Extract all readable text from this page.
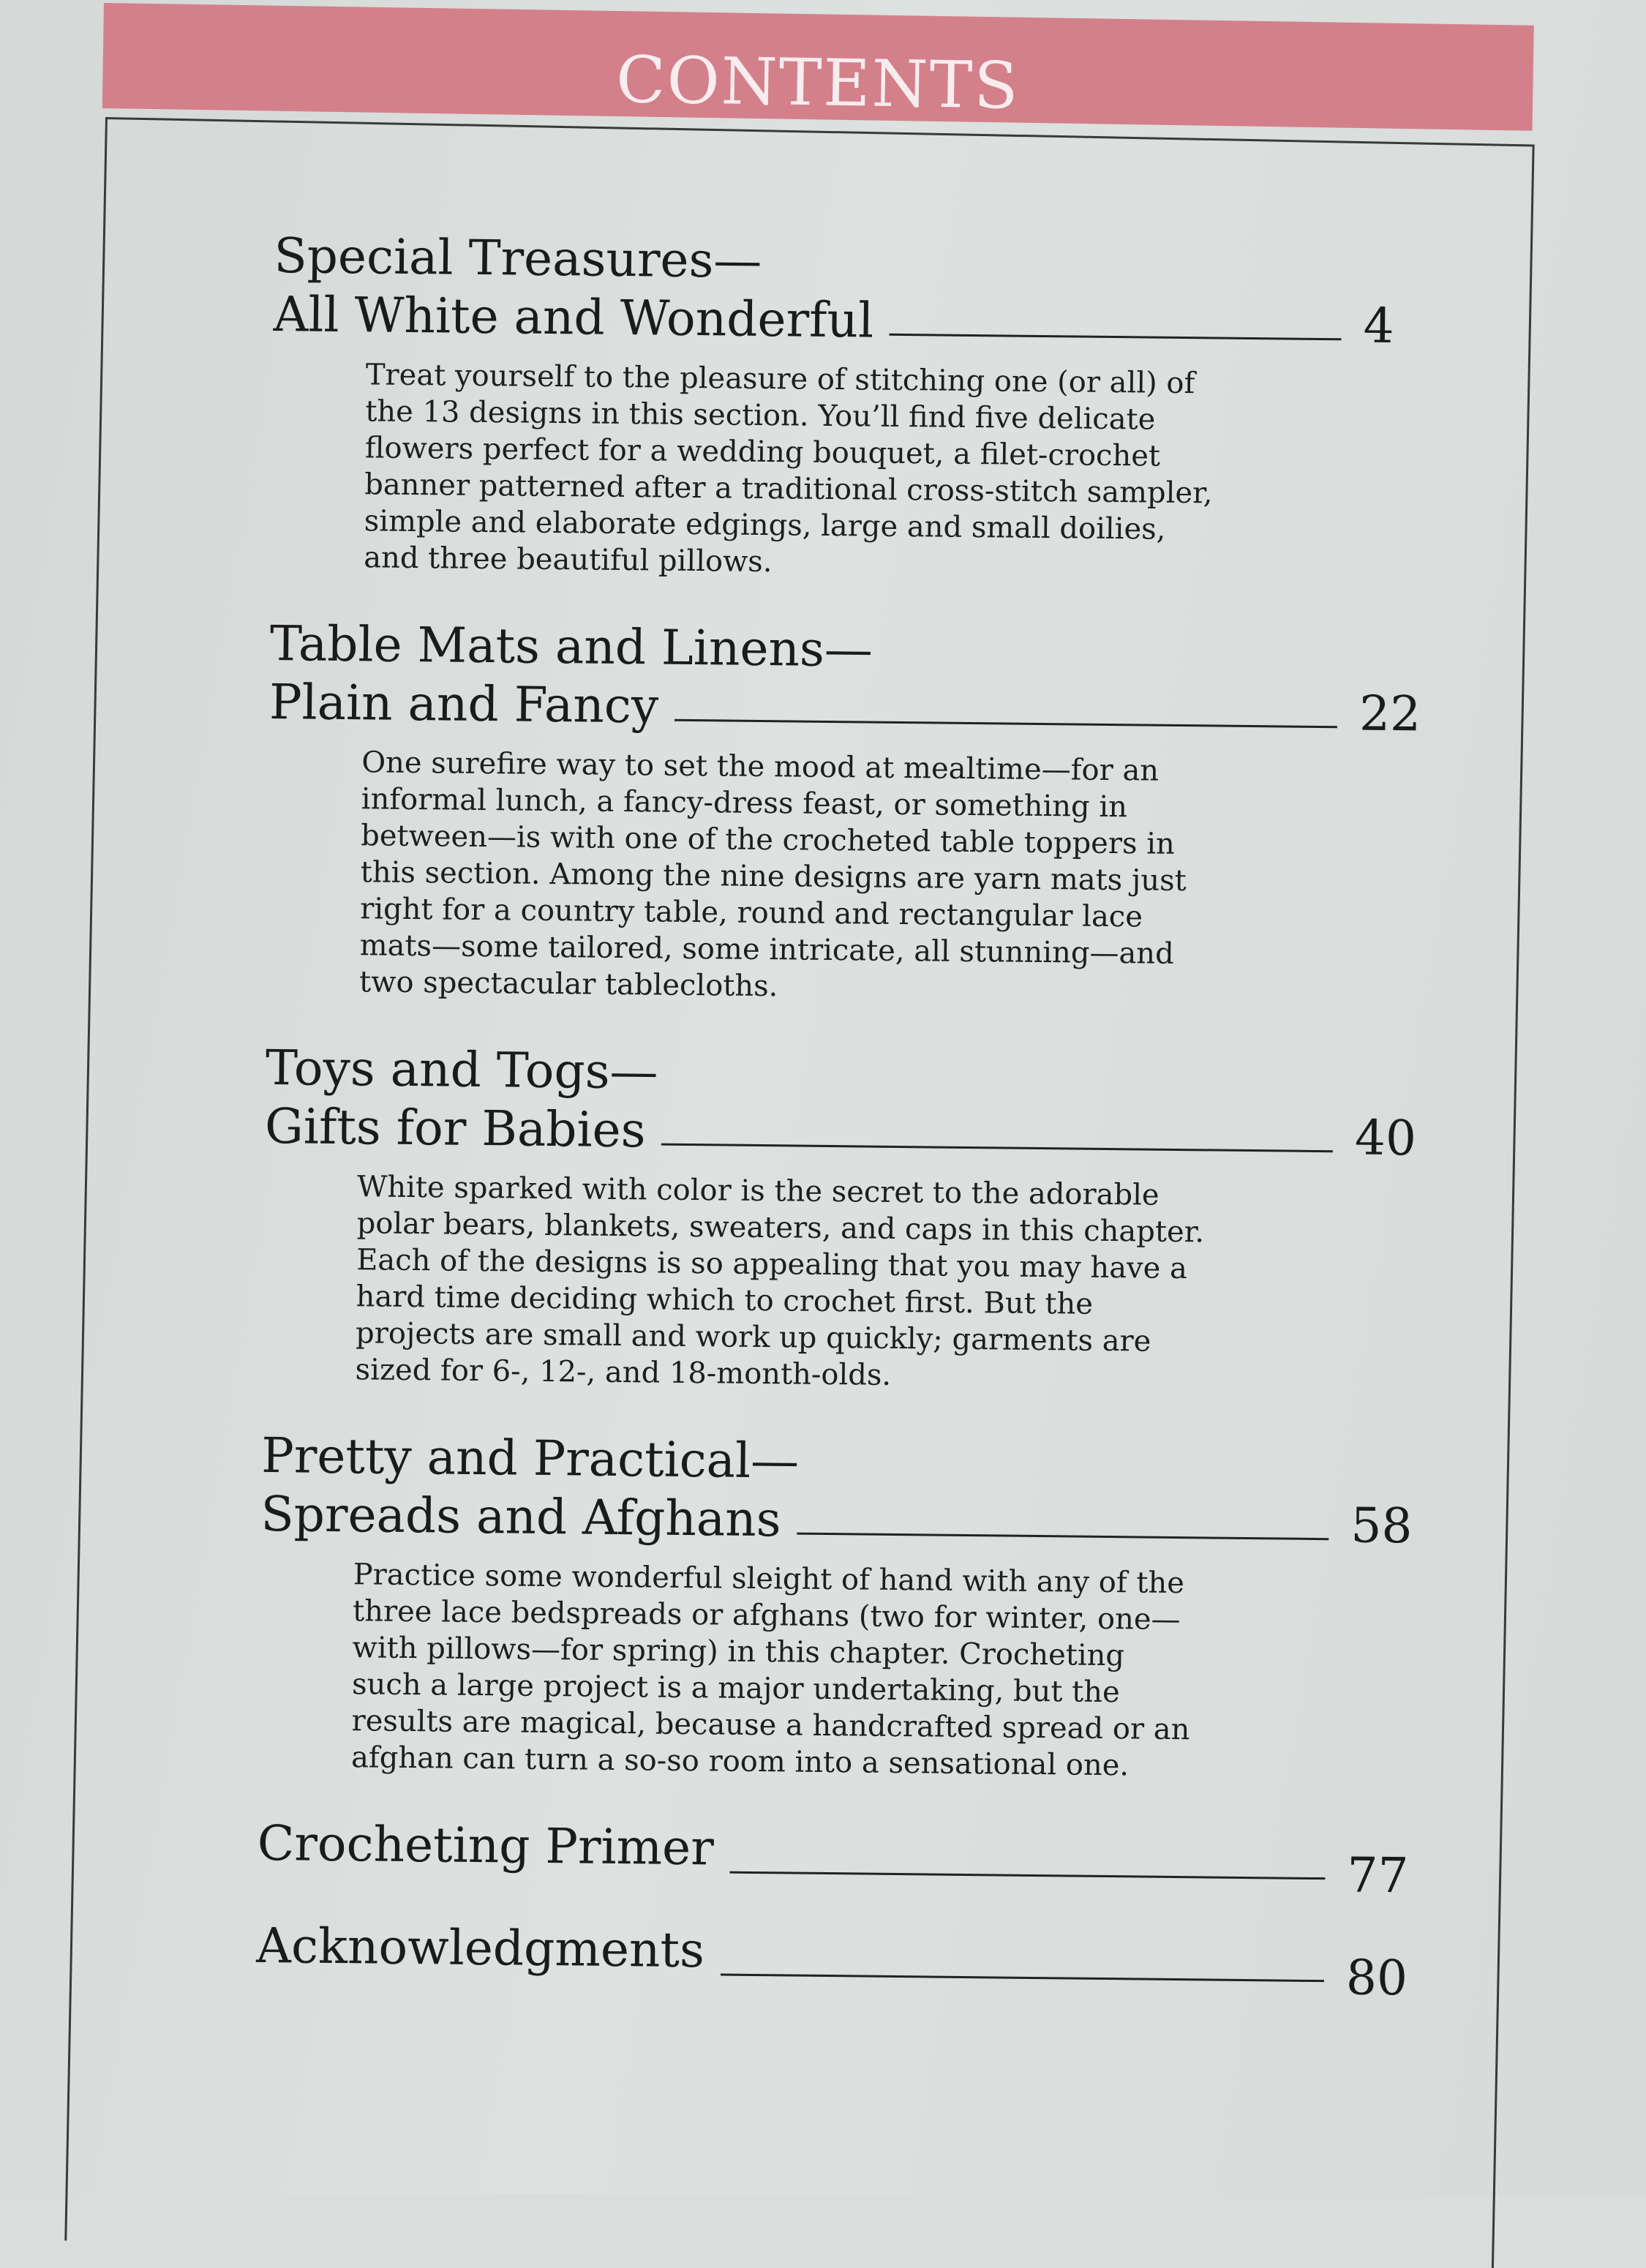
CONTENTS
Special Treasures—
All White and Wonderful	4
Treat yourself to the pleasure of stitching one (or all) of the 13 designs in this section. You’ll find five delicate flowers perfect for a wedding bouquet, a filet-crochet banner patterned after a traditional cross-stitch sampler, simple and elaborate edgings, large and small doilies, and three beautiful pillows.
Table Mats and Linens—
Plain and Fancy	22
One surefire way to set the mood at mealtime—for an informal lunch, a fancy-dress feast, or something in between—is with one of the crocheted table toppers in this section. Among the nine designs are yarn mats just right for a country table, round and rectangular lace mats—some tailored, some intricate, all stunning—and two spectacular tablecloths.
Toys and Togs—
Gifts for Babies	40
White sparked with color is the secret to the adorable polar bears, blankets, sweaters, and caps in this chapter. Each of the designs is so appealing that you may have a hard time deciding which to crochet first. But the projects are small and work up quickly; garments are sized for 6-, 12-, and 18-month-olds.
Pretty and Practical—
Spreads and Afghans	58
Practice some wonderful sleight of hand with any of the three lace bedspreads or afghans (two for winter, one—with pillows—for spring) in this chapter. Crocheting such a large project is a major undertaking, but the results are magical, because a handcrafted spread or an afghan can turn a so-so room into a sensational one.
Crocheting Primer	77
Acknowledgments	80
